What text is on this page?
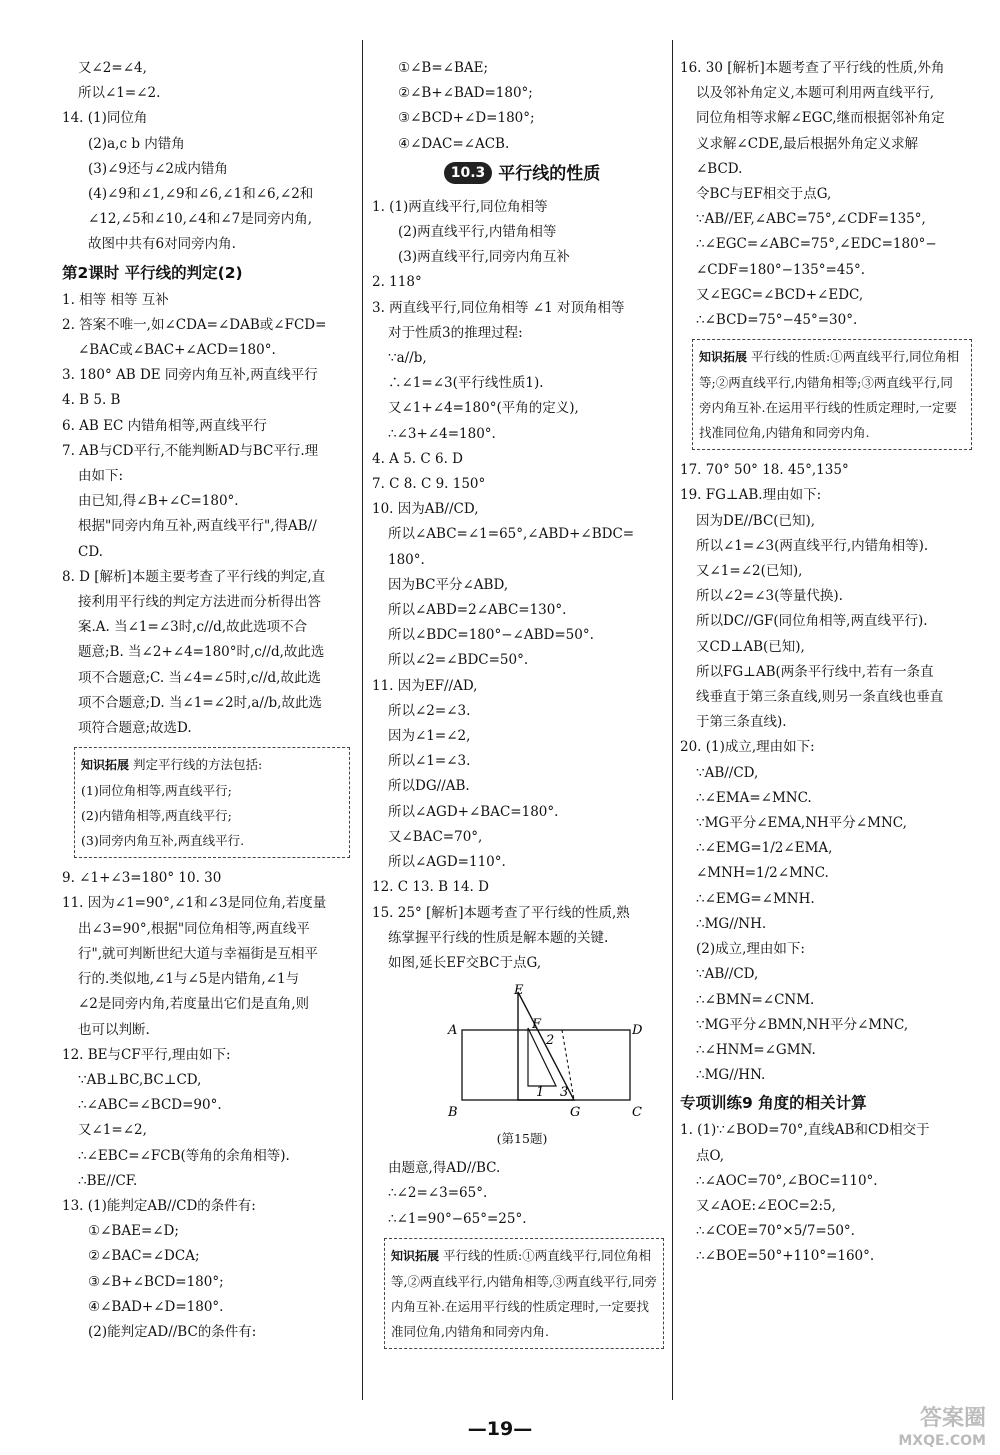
又∠2=∠4,
所以∠1=∠2.
14. (1)同位角
(2)a,c b 内错角
(3)∠9还与∠2成内错角
(4)∠9和∠1,∠9和∠6,∠1和∠6,∠2和
∠12,∠5和∠10,∠4和∠7是同旁内角,
故图中共有6对同旁内角.
第2课时 平行线的判定(2)
1. 相等 相等 互补
2. 答案不唯一,如∠CDA=∠DAB或∠FCD=
∠BAC或∠BAC+∠ACD=180°.
3. 180° AB DE 同旁内角互补,两直线平行
4. B 5. B
6. AB EC 内错角相等,两直线平行
7. AB与CD平行,不能判断AD与BC平行.理
由如下:
由已知,得∠B+∠C=180°.
根据"同旁内角互补,两直线平行",得AB//
CD.
8. D [解析]本题主要考查了平行线的判定,直
接利用平行线的判定方法进而分析得出答
案.A. 当∠1=∠3时,c//d,故此选项不合
题意;B. 当∠2+∠4=180°时,c//d,故此选
项不合题意;C. 当∠4=∠5时,c//d,故此选
项不合题意;D. 当∠1=∠2时,a//b,故此选
项符合题意;故选D.
知识拓展 判定平行线的方法包括:
(1)同位角相等,两直线平行;
(2)内错角相等,两直线平行;
(3)同旁内角互补,两直线平行.
9. ∠1+∠3=180° 10. 30
11. 因为∠1=90°,∠1和∠3是同位角,若度量
出∠3=90°,根据"同位角相等,两直线平
行",就可判断世纪大道与幸福街是互相平
行的.类似地,∠1与∠5是内错角,∠1与
∠2是同旁内角,若度量出它们是直角,则
也可以判断.
12. BE与CF平行,理由如下:
∵AB⊥BC,BC⊥CD,
∴∠ABC=∠BCD=90°.
又∠1=∠2,
∴∠EBC=∠FCB(等角的余角相等).
∴BE//CF.
13. (1)能判定AB//CD的条件有:
①∠BAE=∠D;
②∠BAC=∠DCA;
③∠B+∠BCD=180°;
④∠BAD+∠D=180°.
(2)能判定AD//BC的条件有:
①∠B=∠BAE;
②∠B+∠BAD=180°;
③∠BCD+∠D=180°;
④∠DAC=∠ACB.
10.3 平行线的性质
1. (1)两直线平行,同位角相等
(2)两直线平行,内错角相等
(3)两直线平行,同旁内角互补
2. 118°
3. 两直线平行,同位角相等 ∠1 对顶角相等
对于性质3的推理过程:
∵a//b,
∴∠1=∠3(平行线性质1).
又∠1+∠4=180°(平角的定义),
∴∠3+∠4=180°.
4. A 5. C 6. D
7. C 8. C 9. 150°
10. 因为AB//CD,
所以∠ABC=∠1=65°,∠ABD+∠BDC=
180°.
因为BC平分∠ABD,
所以∠ABD=2∠ABC=130°.
所以∠BDC=180°−∠ABD=50°.
所以∠2=∠BDC=50°.
11. 因为EF//AD,
所以∠2=∠3.
因为∠1=∠2,
所以∠1=∠3.
所以DG//AB.
所以∠AGD+∠BAC=180°.
又∠BAC=70°,
所以∠AGD=110°.
12. C 13. B 14. D
15. 25° [解析]本题考查了平行线的性质,熟
练掌握平行线的性质是解本题的关键.
如图,延长EF交BC于点G,
E
A	F	D
2
1 3
B	G	C
(第15题)
由题意,得AD//BC.
∴∠2=∠3=65°.
∴∠1=90°−65°=25°.
知识拓展 平行线的性质:①两直线平行,同位角相等,②两直线平行,内错角相等,③两直线平行,同旁内角互补.在运用平行线的性质定理时,一定要找准同位角,内错角和同旁内角.
16. 30 [解析]本题考查了平行线的性质,外角
以及邻补角定义,本题可利用两直线平行,
同位角相等求解∠EGC,继而根据邻补角定
义求解∠CDE,最后根据外角定义求解
∠BCD.
令BC与EF相交于点G,
∵AB//EF,∠ABC=75°,∠CDF=135°,
∴∠EGC=∠ABC=75°,∠EDC=180°−
∠CDF=180°−135°=45°.
又∠EGC=∠BCD+∠EDC,
∴∠BCD=75°−45°=30°.
知识拓展 平行线的性质:①两直线平行,同位角相等;②两直线平行,内错角相等;③两直线平行,同旁内角互补.在运用平行线的性质定理时,一定要找准同位角,内错角和同旁内角.
17. 70° 50° 18. 45°,135°
19. FG⊥AB.理由如下:
因为DE//BC(已知),
所以∠1=∠3(两直线平行,内错角相等).
又∠1=∠2(已知),
所以∠2=∠3(等量代换).
所以DC//GF(同位角相等,两直线平行).
又CD⊥AB(已知),
所以FG⊥AB(两条平行线中,若有一条直
线垂直于第三条直线,则另一条直线也垂直
于第三条直线).
20. (1)成立,理由如下:
∵AB//CD,
∴∠EMA=∠MNC.
∵MG平分∠EMA,NH平分∠MNC,
∴∠EMG=1/2∠EMA,
∠MNH=1/2∠MNC.
∴∠EMG=∠MNH.
∴MG//NH.
(2)成立,理由如下:
∵AB//CD,
∴∠BMN=∠CNM.
∵MG平分∠BMN,NH平分∠MNC,
∴∠HNM=∠GMN.
∴MG//HN.
专项训练9 角度的相关计算
1. (1)∵∠BOD=70°,直线AB和CD相交于
点O,
∴∠AOC=70°,∠BOC=110°.
又∠AOE:∠EOC=2:5,
∴∠COE=70°×5/7=50°.
∴∠BOE=50°+110°=160°.
—19—	答案圈
MXQE.COM
